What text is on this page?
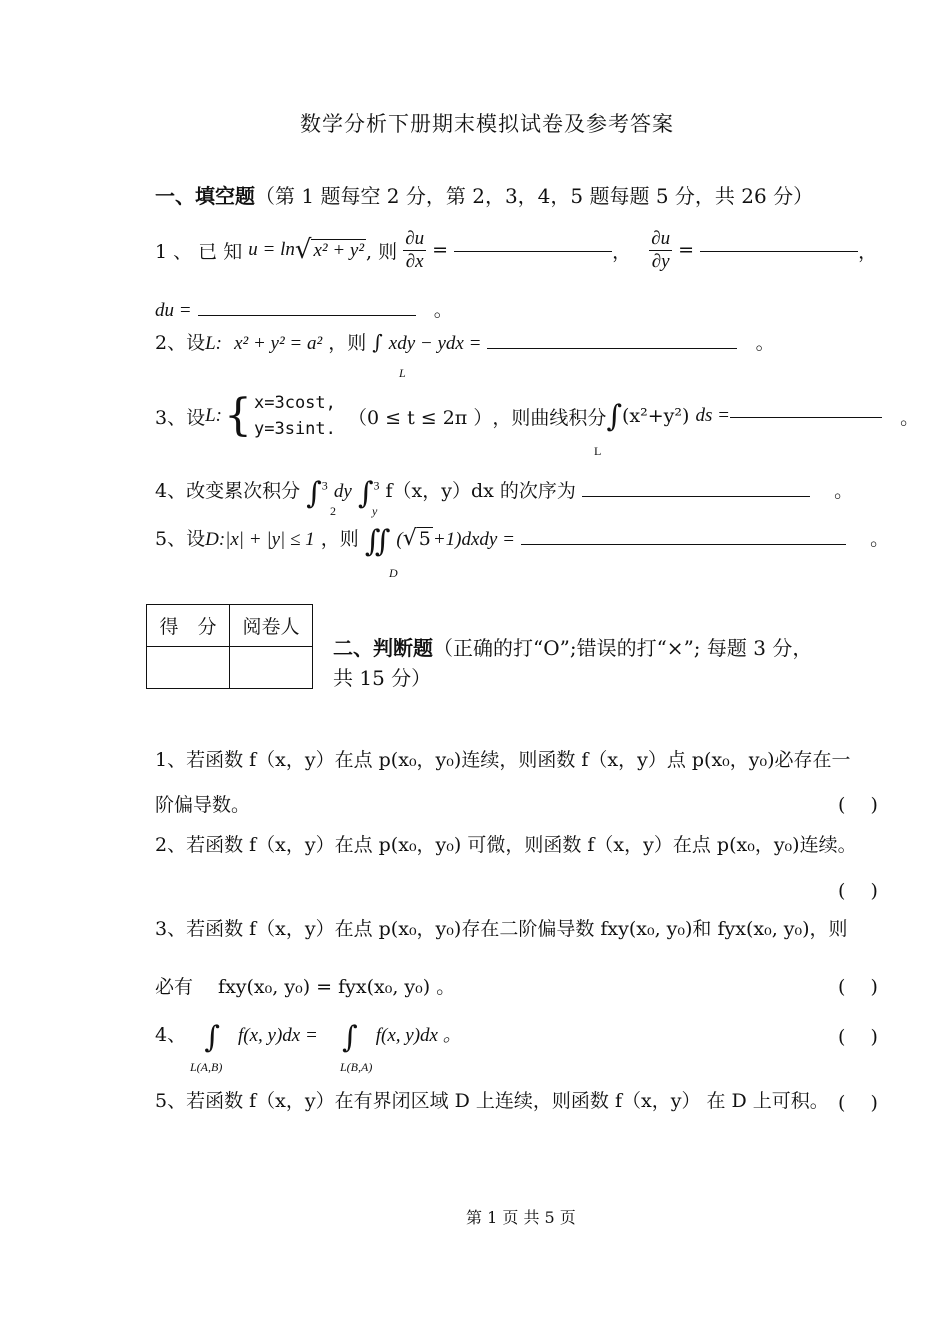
数学分析下册期末模拟试卷及参考答案
一、填空题（第 1 题每空 2 分，第 2，3，4，5 题每题 5 分，共 26 分）
1 、 已 知
u = ln √ x² + y² , 则
$\frac{\partial u}{\partial x}$
=
	，
$\frac{\partial u}{\partial y}$
=
	，
du =	。
2、设L: x² + y² = a² ，则 ∫ xdy − ydx =	。
L
3、设 L: { x=3cost,
y=3sint.

（0 ≤ t ≤ 2π ） ，则曲线积分 ∫ (x²+y²)
ds =
	。
L
4、改变累次积分 ∫$^3$ dy ∫$^3$ f（x，y）dx 的次序为	。
2	y
5、设D:|x| + |y| ≤ 1 ，则 ∬ (√ 5 +1)dxdy =	。
D
得　分	阅卷人

二、判断题（正确的打“O”;错误的打“×”; 每题 3 分，
共 15 分）
1、若函数 f（x，y）在点 p(x₀，y₀)连续，则函数 f（x，y）点 p(x₀，y₀)必存在一
阶偏导数。	(　 )
2、若函数 f（x，y）在点 p(x₀，y₀) 可微，则函数 f（x，y）在点 p(x₀，y₀)连续。
(　 )
3、若函数 f（x，y）在点 p(x₀，y₀)存在二阶偏导数 fxy(x₀, y₀)和 fyx(x₀, y₀)，则
必有　 fxy(x₀, y₀) = fyx(x₀, y₀) 。	(　 )
4、 ∫ f(x, y)dx = ∫ f(x, y)dx 。
L(A,B)	L(B,A)
(　 )
5、若函数 f（x，y）在有界闭区域 D 上连续，则函数 f（x，y） 在 D 上可积。 (　 )
第 1 页 共 5 页
